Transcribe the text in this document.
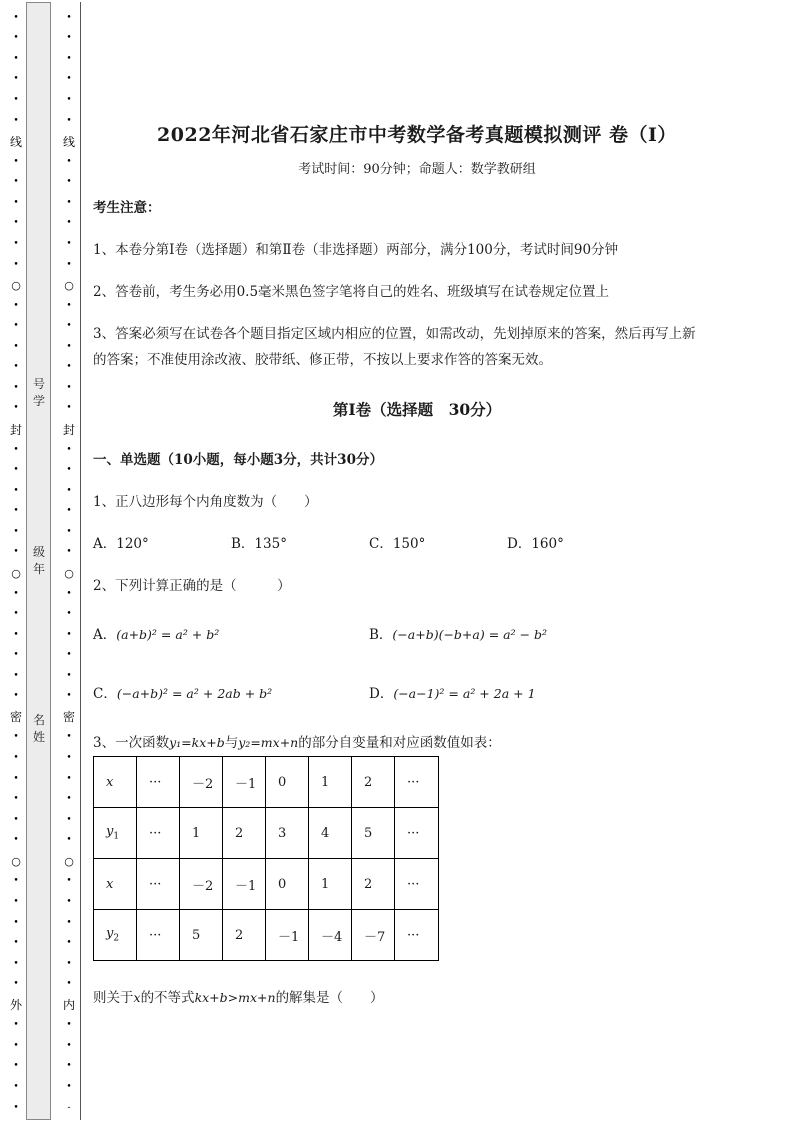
•
•
•
•
•
•
线
•
•
•
•
•
•
○
•
•
•
•
•
•
封
•
•
•
•
•
•
○
•
•
•
•
•
•
密
•
•
•
•
•
•
○
•
•
•
•
•
•
外
•
•
•
•
•
•
•
•
•
•
•
线
•
•
•
•
•
•
○
•
•
•
•
•
•
封
•
•
•
•
•
•
○
•
•
•
•
•
•
密
•
•
•
•
•
•
○
•
•
•
•
•
•
内
•
•
•
•
-
号
学
级
年
名
姓
2022年河北省石家庄市中考数学备考真题模拟测评 卷（Ⅰ）
考试时间：90分钟；命题人：数学教研组
考生注意：
1、本卷分第Ⅰ卷（选择题）和第Ⅱ卷（非选择题）两部分，满分100分，考试时间90分钟
2、答卷前，考生务必用0.5毫米黑色签字笔将自己的姓名、班级填写在试卷规定位置上
3、答案必须写在试卷各个题目指定区域内相应的位置，如需改动，先划掉原来的答案，然后再写上新
的答案；不准使用涂改液、胶带纸、修正带，不按以上要求作答的答案无效。
第Ⅰ卷（选择题　30分）
一、单选题（10小题，每小题3分，共计30分）
1、正八边形每个内角度数为（　　）
A．120°	B．135°	C．150°	D．160°
2、下列计算正确的是（　　　）
A．(a+b)² = a² + b²	B．(−a+b)(−b+a) = a² − b²
C．(−a+b)² = a² + 2ab + b²	D．(−a−1)² = a² + 2a + 1
3、一次函数y₁=kx+b与y₂=mx+n的部分自变量和对应函数值如表：
x	···	－2	－1	0	1	2	···
$y_1$	···	1	2	3	4	5	···
x	···	－2	－1	0	1	2	···
$y_2$	···	5	2	－1	－4	－7	···
则关于x的不等式kx+b>mx+n的解集是（　　）
